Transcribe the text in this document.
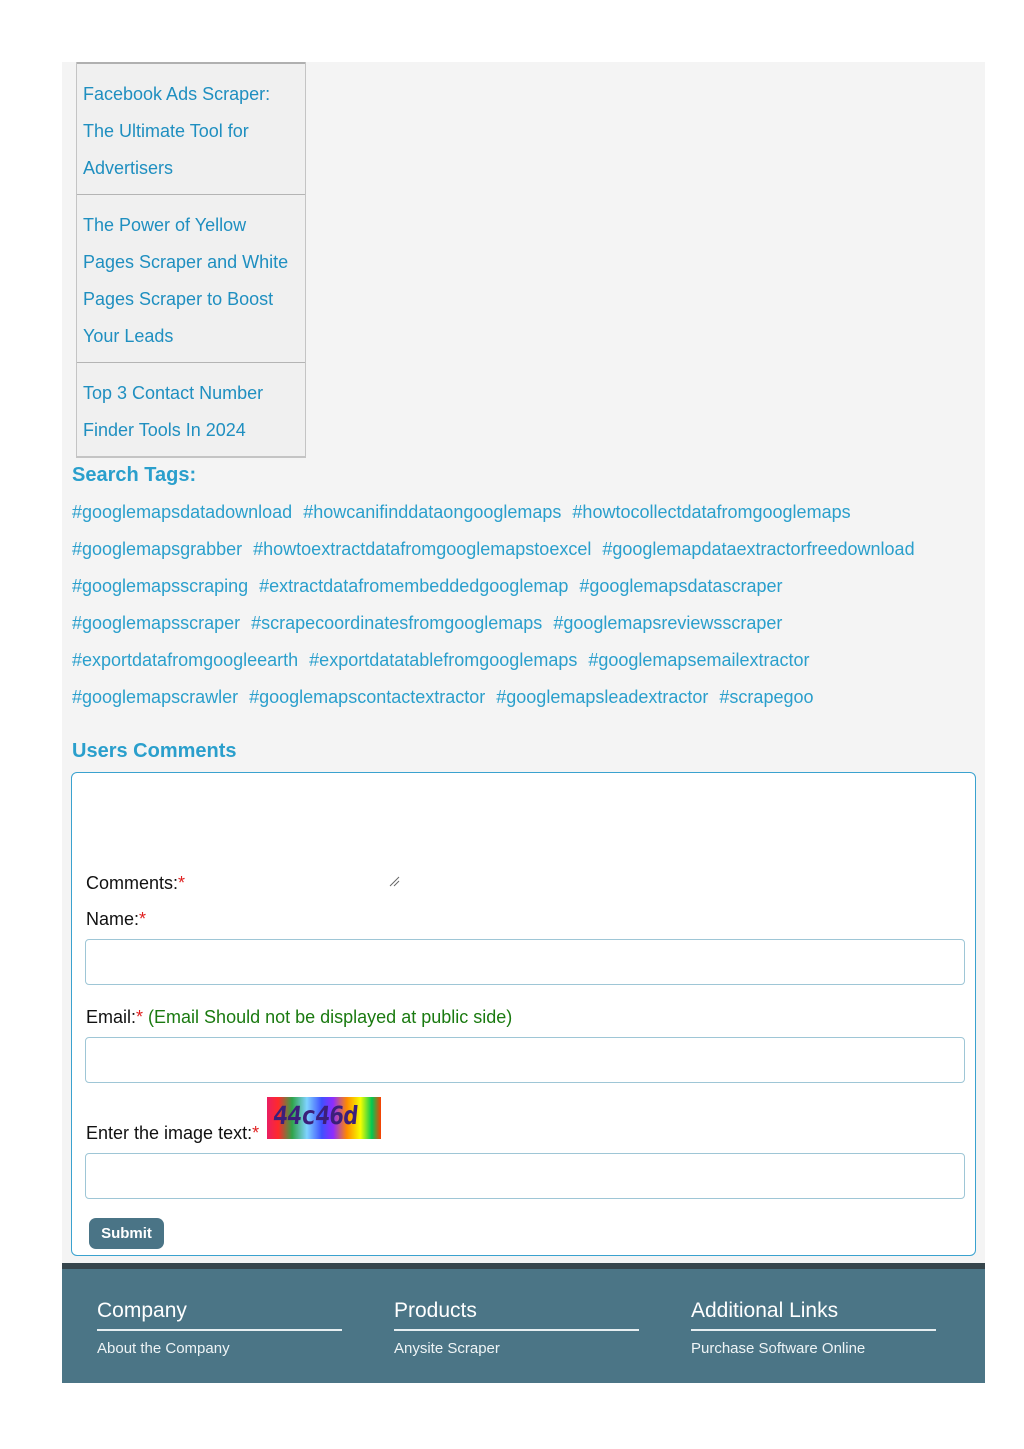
Facebook Ads Scraper: The Ultimate Tool for Advertisers
The Power of Yellow Pages Scraper and White Pages Scraper to Boost Your Leads
Top 3 Contact Number Finder Tools In 2024
Search Tags:
#googlemapsdatadownload #howcanifinddataongooglemaps #howtocollectdatafromgooglemaps
#googlemapsgrabber #howtoextractdatafromgooglemapstoexcel #googlemapdataextractorfreedownload
#googlemapsscraping #extractdatafromembeddedgooglemap #googlemapsdatascraper
#googlemapsscraper #scrapecoordinatesfromgooglemaps #googlemapsreviewsscraper
#exportdatafromgoogleearth #exportdatatablefromgooglemaps #googlemapsemailextractor
#googlemapscrawler #googlemapscontactextractor #googlemapsleadextractor #scrapegoo
Users Comments
Comments:*
Name:*
Email:* (Email Should not be displayed at public side)
Enter the image text:*
44c46d
Submit
Company
About the Company
Products
Anysite Scraper
Additional Links
Purchase Software Online
